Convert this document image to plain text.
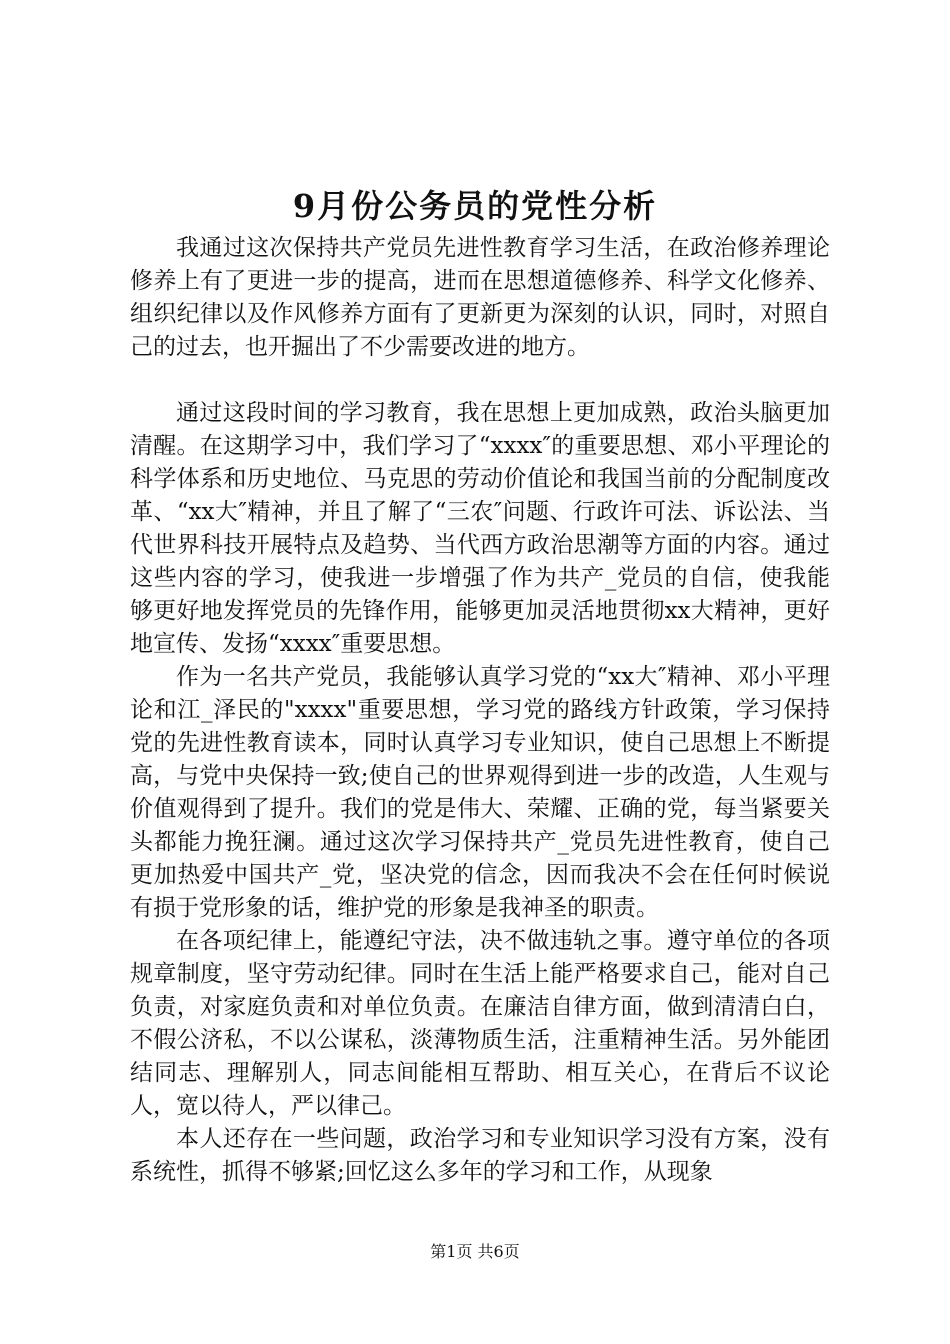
9月份公务员的党性分析

我通过这次保持共产党员先进性教育学习生活，在政治修养理论修养上有了更进一步的提高，进而在思想道德修养、科学文化修养、组织纪律以及作风修养方面有了更新更为深刻的认识，同时，对照自己的过去，也开掘出了不少需要改进的地方。

通过这段时间的学习教育，我在思想上更加成熟，政治头脑更加清醒。在这期学习中，我们学习了“xxxx″的重要思想、邓小平理论的科学体系和历史地位、马克思的劳动价值论和我国当前的分配制度改革、“xx大″精神，并且了解了“三农″问题、行政许可法、诉讼法、当代世界科技开展特点及趋势、当代西方政治思潮等方面的内容。通过这些内容的学习，使我进一步增强了作为共产_党员的自信，使我能够更好地发挥党员的先锋作用，能够更加灵活地贯彻xx大精神，更好地宣传、发扬“xxxx″重要思想。

作为一名共产党员，我能够认真学习党的“xx大″精神、邓小平理论和江_泽民的"xxxx"重要思想，学习党的路线方针政策，学习保持党的先进性教育读本，同时认真学习专业知识，使自己思想上不断提高，与党中央保持一致;使自己的世界观得到进一步的改造，人生观与价值观得到了提升。我们的党是伟大、荣耀、正确的党，每当紧要关头都能力挽狂澜。通过这次学习保持共产_党员先进性教育，使自己更加热爱中国共产_党，坚决党的信念，因而我决不会在任何时候说有损于党形象的话，维护党的形象是我神圣的职责。

在各项纪律上，能遵纪守法，决不做违轨之事。遵守单位的各项规章制度，坚守劳动纪律。同时在生活上能严格要求自己，能对自己负责，对家庭负责和对单位负责。在廉洁自律方面，做到清清白白，不假公济私，不以公谋私，淡薄物质生活，注重精神生活。另外能团结同志、理解别人，同志间能相互帮助、相互关心，在背后不议论人，宽以待人，严以律己。

本人还存在一些问题，政治学习和专业知识学习没有方案，没有系统性，抓得不够紧;回忆这么多年的学习和工作，从现象

第1页 共6页
